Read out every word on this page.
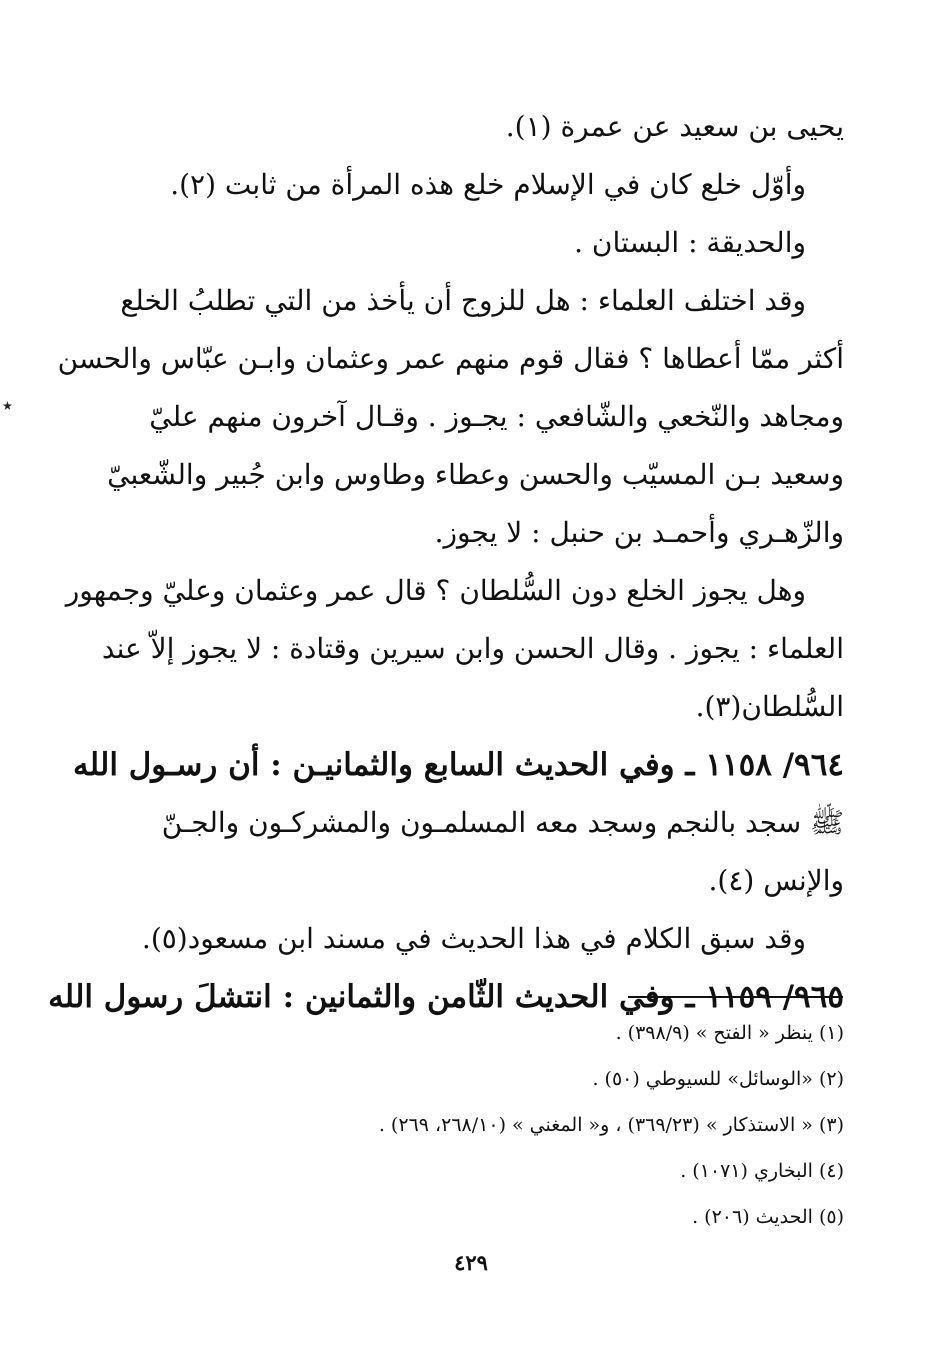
٭
يحيى بن سعيد عن عمرة (١).
وأوّل خلع كان في الإسلام خلع هذه المرأة من ثابت (٢).
والحديقة : البستان .
وقد اختلف العلماء : هل للزوج أن يأخذ من التي تطلبُ الخلع
أكثر ممّا أعطاها ؟ فقال قوم منهم عمر وعثمان وابـن عبّاس والحسن
ومجاهد والنّخعي والشّافعي : يجـوز . وقـال آخرون منهم عليّ
وسعيد بـن المسيّب والحسن وعطاء وطاوس وابن جُبير والشّعبيّ
والزّهـري وأحمـد بن حنبل : لا يجوز.
وهل يجوز الخلع دون السُّلطان ؟ قال عمر وعثمان وعليّ وجمهور
العلماء : يجوز . وقال الحسن وابن سيرين وقتادة : لا يجوز إلاّ عند
السُّلطان(٣).
٩٦٤/ ١١٥٨ ـ وفي الحديث السابع والثمانيـن : أن رسـول الله
ﷺ سجد بالنجم وسجد معه المسلمـون والمشركـون والجـنّ
والإنس (٤).
وقد سبق الكلام في هذا الحديث في مسند ابن مسعود(٥).
٩٦٥/ ١١٥٩ ـ وفي الحديث الثّامن والثمانين : انتشلَ رسول الله
(١) ينظر « الفتح » (٣٩٨/٩) .
(٢) «الوسائل» للسيوطي (٥٠) .
(٣) « الاستذكار » (٣٦٩/٢٣) ، و« المغني » (٢٦٨/١٠، ٢٦٩) .
(٤) البخاري (١٠٧١) .
(٥) الحديث (٢٠٦) .
٤٢٩
